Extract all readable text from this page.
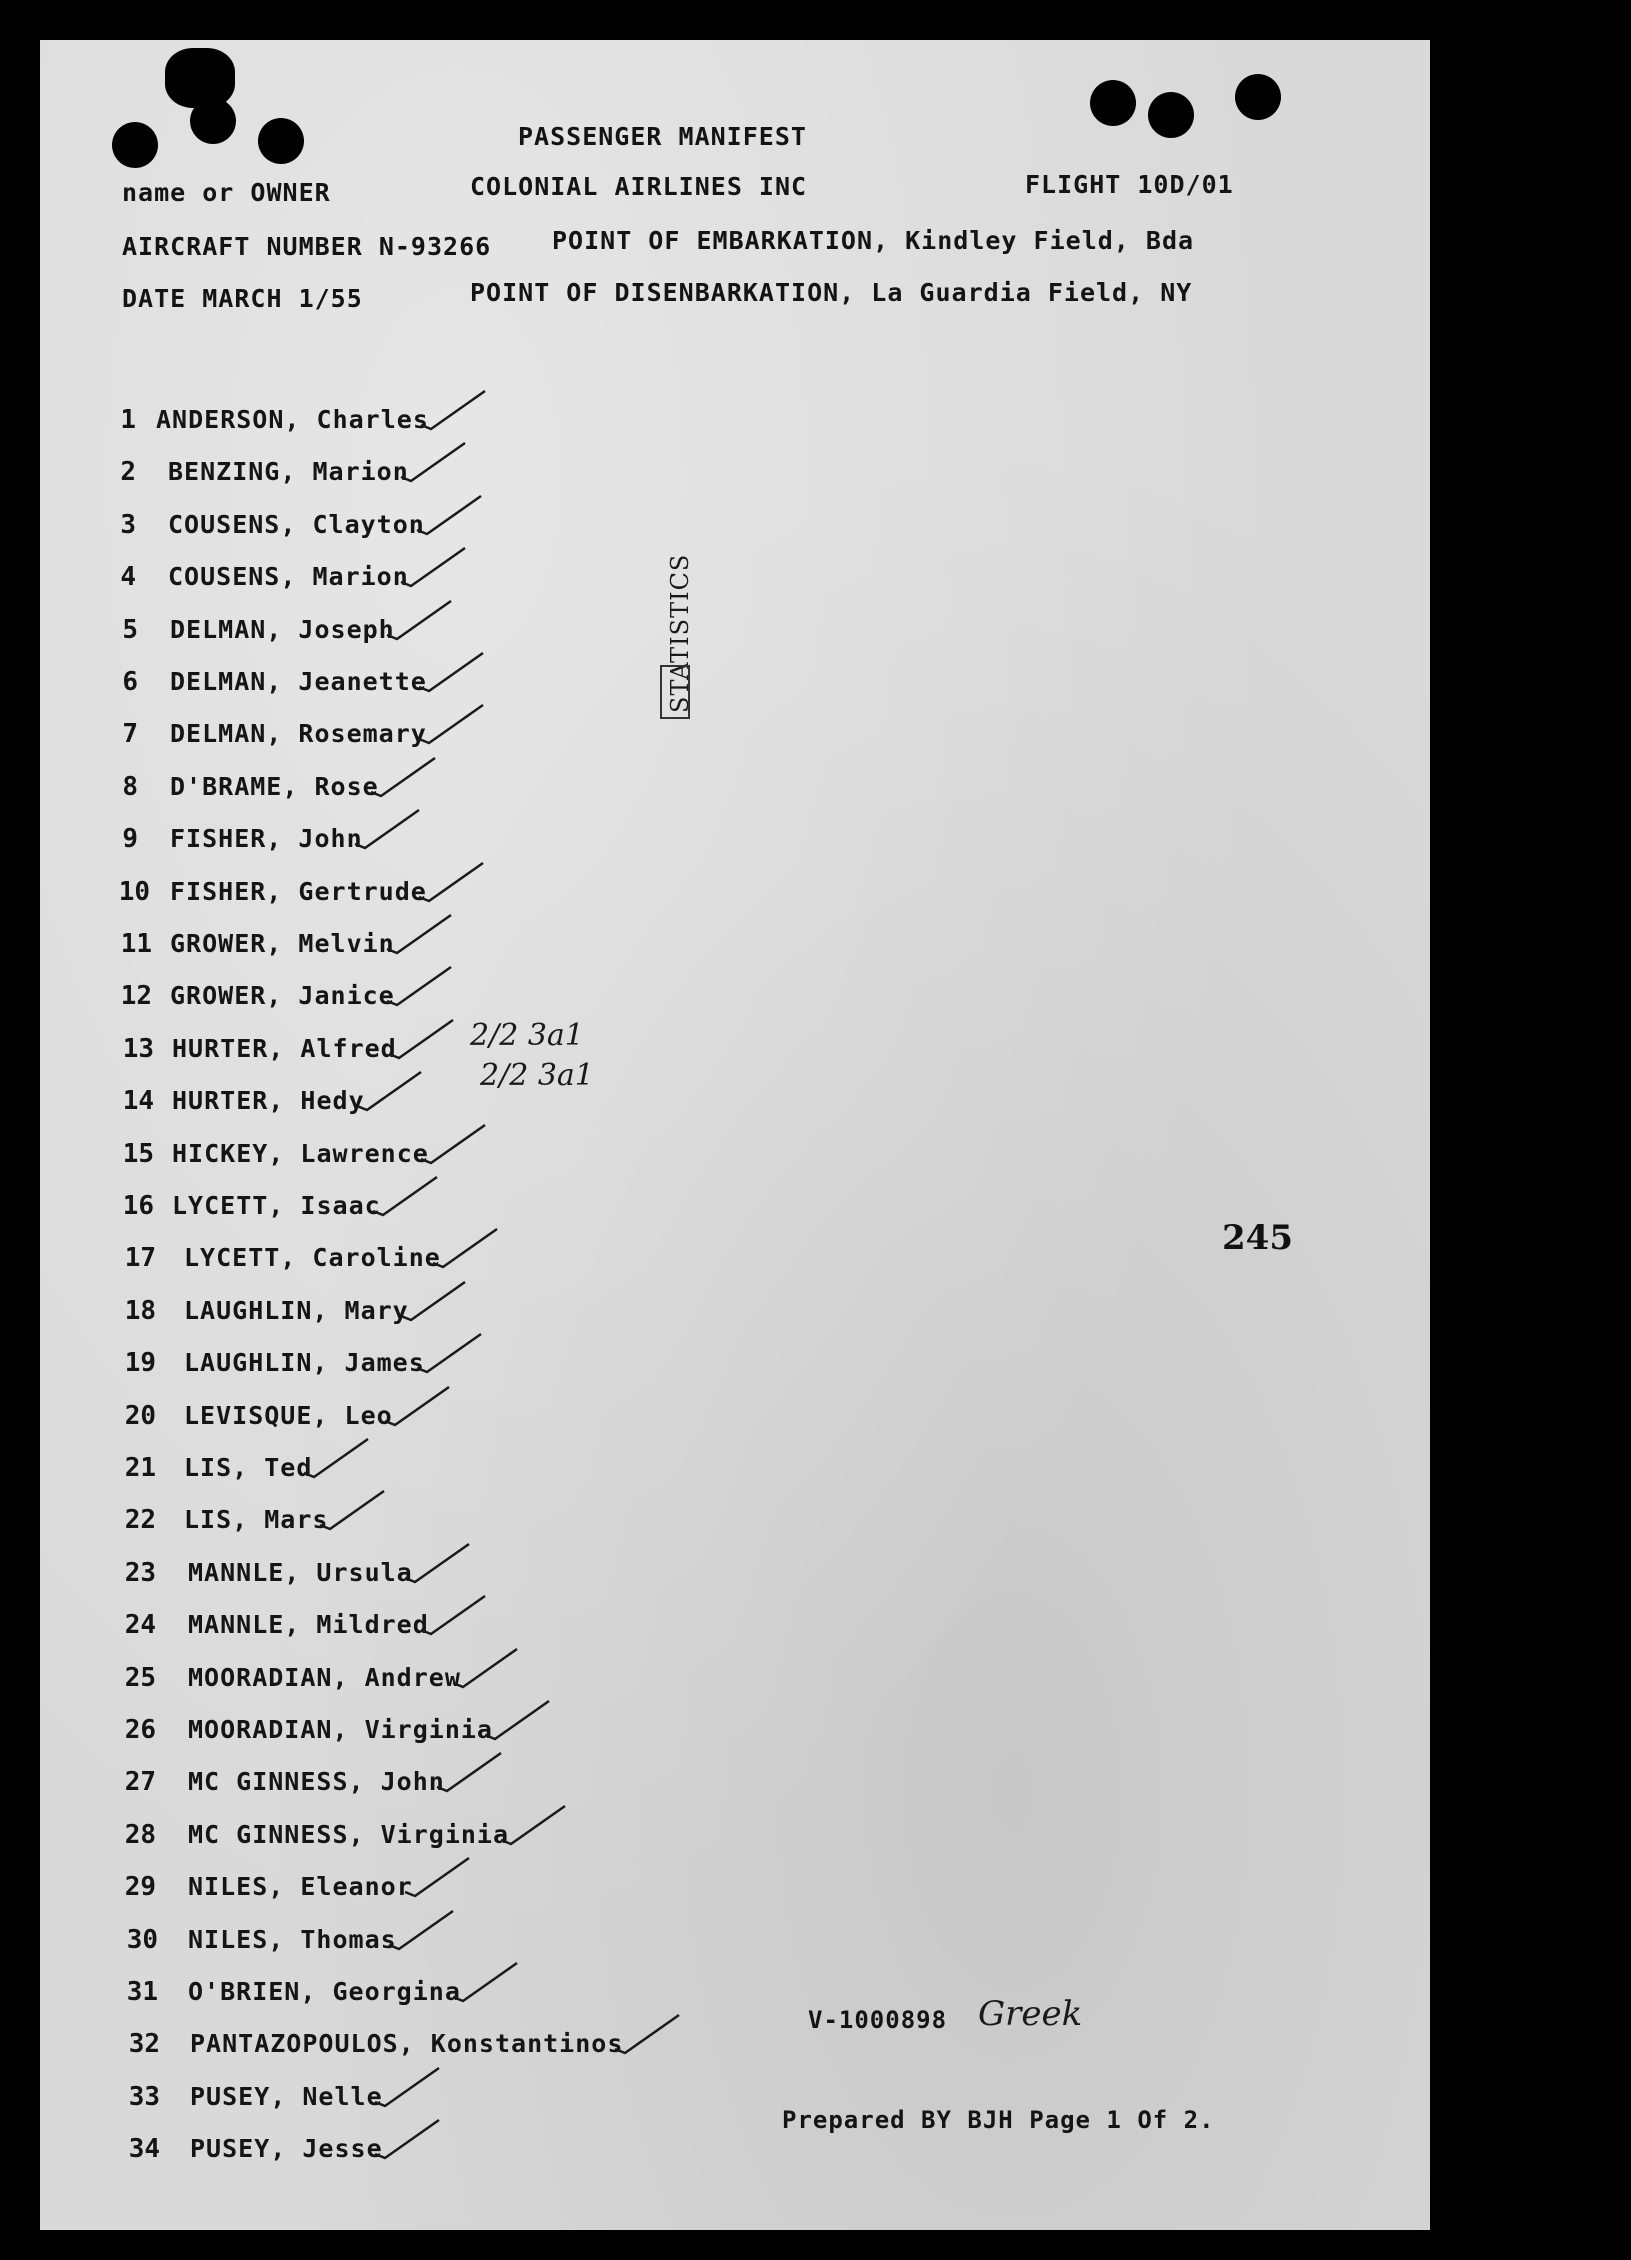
PASSENGER MANIFEST
name or OWNER	COLONIAL AIRLINES INC	FLIGHT 10D/01
AIRCRAFT NUMBER N-93266 POINT OF EMBARKATION, Kindley Field, Bda
DATE MARCH 1/55	POINT OF DISENBARKATION, La Guardia Field, NY
1 ANDERSON, Charles
2 BENZING, Marion
3 COUSENS, Clayton
4 COUSENS, Marion
5 DELMAN, Joseph
6 DELMAN, Jeanette
7 DELMAN, Rosemary
8 D'BRAME, Rose
9 FISHER, John
10 FISHER, Gertrude
11 GROWER, Melvin
12 GROWER, Janice
13 HURTER, Alfred
14 HURTER, Hedy
15 HICKEY, Lawrence
16 LYCETT, Isaac
17 LYCETT, Caroline
18 LAUGHLIN, Mary
19 LAUGHLIN, James
20 LEVISQUE, Leo
21 LIS, Ted
22 LIS, Mars
23 MANNLE, Ursula
24 MANNLE, Mildred
25 MOORADIAN, Andrew
26 MOORADIAN, Virginia
27 MC GINNESS, John
28 MC GINNESS, Virginia
29 NILES, Eleanor
30 NILES, Thomas
31 O'BRIEN, Georgina
32 PANTAZOPOULOS, Konstantinos
33 PUSEY, Nelle
34 PUSEY, Jesse
2/2 3a1
2/2 3a1
STATISTICS
245
V-1000898 Greek
Prepared BY BJH Page 1 Of 2.
